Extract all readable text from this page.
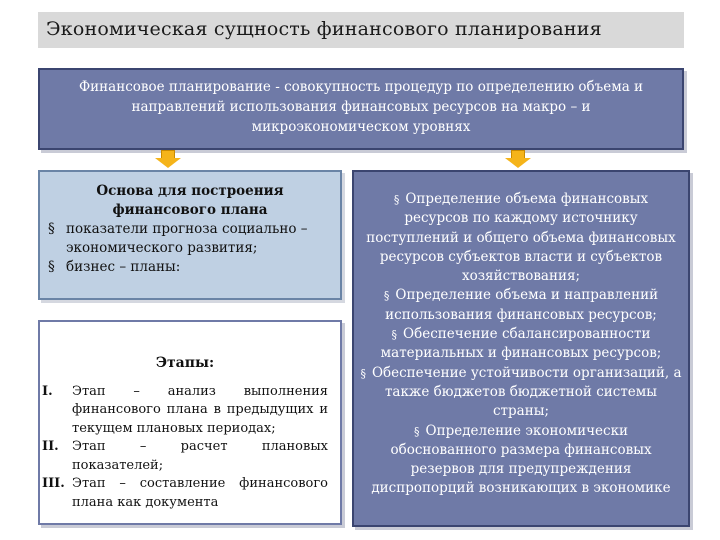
Экономическая сущность финансового планирования
Финансовое планирование - совокупность процедур по определению объема и направлений использования финансовых ресурсов на макро – и микроэкономическом уровнях
Основа для построения финансового плана
§ показатели прогноза социально – экономического развития;
§ бизнес – планы:
Этапы:
I.	Этап – анализ выполнения финансового плана в предыдущих и текущем плановых периодах;
II.	Этап – расчет плановых показателей;
III. Этап – составление финансового плана как документа

§ Определение объема финансовых ресурсов по каждому источнику поступлений и общего объема финансовых ресурсов субъектов власти и субъектов хозяйствования;

§ Определение объема и направлений использования финансовых ресурсов;

§ Обеспечение сбалансированности материальных и финансовых ресурсов;

§ Обеспечение устойчивости организаций, а также бюджетов бюджетной системы страны;

§ Определение экономически обоснованного размера финансовых резервов для предупреждения диспропорций возникающих в экономике
